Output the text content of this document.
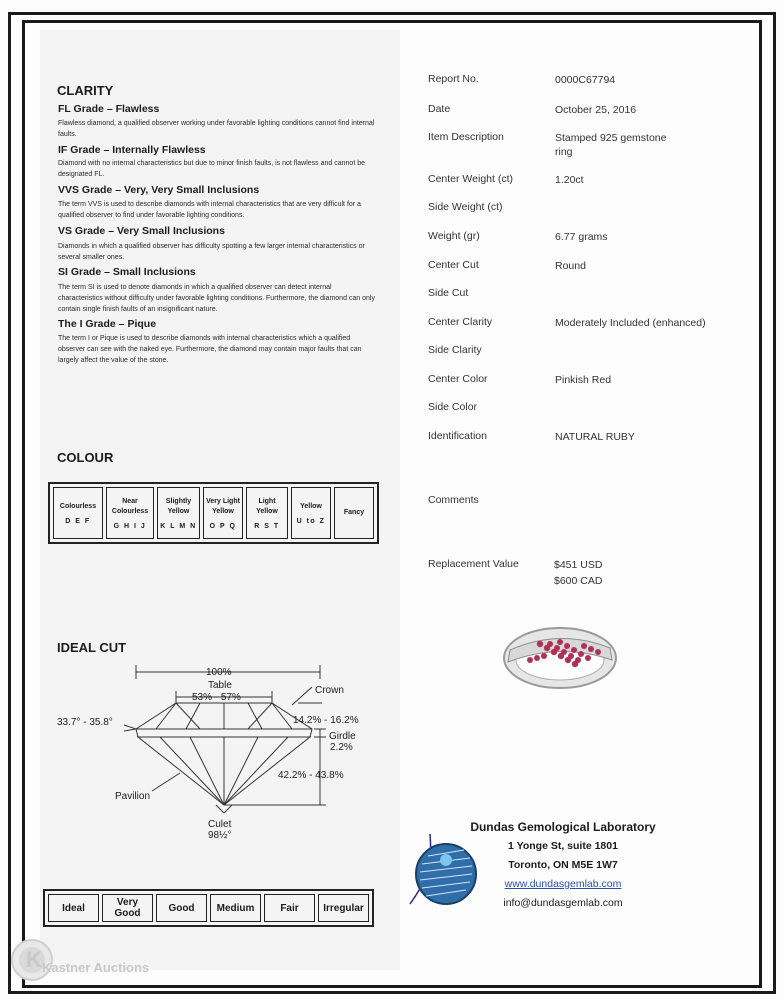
CLARITY
FL Grade – Flawless
Flawless diamond, a qualified observer working under favorable lighting conditions cannot find internal faults.
IF Grade – Internally Flawless
Diamond with no internal characteristics but due to minor finish faults, is not flawless and cannot be designated FL.
VVS Grade – Very, Very Small Inclusions
The term VVS is used to describe diamonds with internal characteristics that are very difficult for a qualified observer to find under favorable lighting conditions.
VS Grade – Very Small Inclusions
Diamonds in which a qualified observer has difficulty spotting a few larger internal characteristics or several smaller ones.
SI Grade – Small Inclusions
The term SI is used to denote diamonds in which a qualified observer can detect internal characteristics without difficulty under favorable lighting conditions. Furthermore, the diamond can only contain single finish faults of an insignificant nature.
The I Grade – Pique
The term I or Pique is used to describe diamonds with internal characteristics which a qualified observer can see with the naked eye. Furthermore, the diamond may contain major faults that can largely affect the value of the stone.
COLOUR
Colourless
D E F

Near Colourless
G H I J

Slightly Yellow
K L M N

Very Light Yellow
O P Q

Light Yellow
R S T

Yellow
U to Z

Fancy
IDEAL CUT
100%
Table
53% - 57%
Crown
33.7° - 35.8°	14.2% - 16.2%
Girdle
2.2%
42.2% - 43.8%
Pavilion
Culet
98½°
Ideal	Very Good	Good	Medium	Fair	Irregular
Report No.	0000C67794
Date	October 25, 2016
Item Description	Stamped 925 gemstone
ring
Center Weight (ct)	1.20ct
Side Weight (ct)
Weight (gr)	6.77 grams
Center Cut	Round
Side Cut
Center Clarity	Moderately Included (enhanced)
Side Clarity
Center Color	Pinkish Red
Side Color
Identification	NATURAL RUBY
Comments
Replacement Value	$451 USD
$600 CAD
Dundas Gemological Laboratory
1 Yonge St, suite 1801
Toronto, ON M5E 1W7
www.dundasgemlab.com
info@dundasgemlab.com
K Kastner Auctions
